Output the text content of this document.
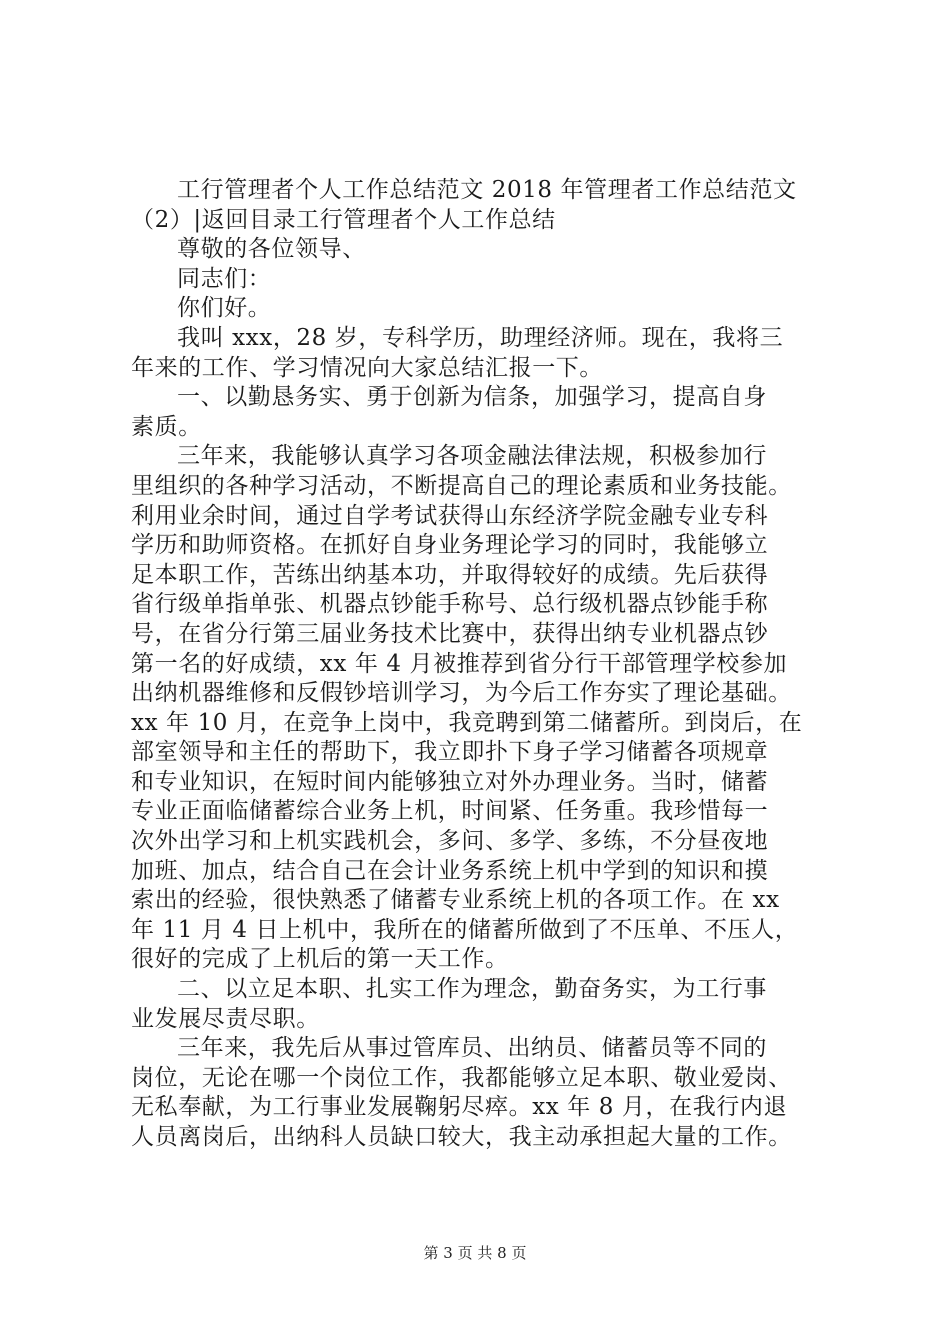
工行管理者个人工作总结范文 2018 年管理者工作总结范文
（2）|返回目录工行管理者个人工作总结
尊敬的各位领导、
同志们：
你们好。
我叫 xxx，28 岁，专科学历，助理经济师。现在，我将三
年来的工作、学习情况向大家总结汇报一下。
一、以勤恳务实、勇于创新为信条，加强学习，提高自身
素质。
三年来，我能够认真学习各项金融法律法规，积极参加行
里组织的各种学习活动，不断提高自己的理论素质和业务技能。
利用业余时间，通过自学考试获得山东经济学院金融专业专科
学历和助师资格。在抓好自身业务理论学习的同时，我能够立
足本职工作，苦练出纳基本功，并取得较好的成绩。先后获得
省行级单指单张、机器点钞能手称号、总行级机器点钞能手称
号，在省分行第三届业务技术比赛中，获得出纳专业机器点钞
第一名的好成绩，xx 年 4 月被推荐到省分行干部管理学校参加
出纳机器维修和反假钞培训学习，为今后工作夯实了理论基础。
xx 年 10 月，在竞争上岗中，我竞聘到第二储蓄所。到岗后，在
部室领导和主任的帮助下，我立即扑下身子学习储蓄各项规章
和专业知识，在短时间内能够独立对外办理业务。当时，储蓄
专业正面临储蓄综合业务上机，时间紧、任务重。我珍惜每一
次外出学习和上机实践机会，多问、多学、多练，不分昼夜地
加班、加点，结合自己在会计业务系统上机中学到的知识和摸
索出的经验，很快熟悉了储蓄专业系统上机的各项工作。在 xx
年 11 月 4 日上机中，我所在的储蓄所做到了不压单、不压人，
很好的完成了上机后的第一天工作。
二、以立足本职、扎实工作为理念，勤奋务实，为工行事
业发展尽责尽职。
三年来，我先后从事过管库员、出纳员、储蓄员等不同的
岗位，无论在哪一个岗位工作，我都能够立足本职、敬业爱岗、
无私奉献，为工行事业发展鞠躬尽瘁。xx 年 8 月，在我行内退
人员离岗后，出纳科人员缺口较大，我主动承担起大量的工作。
第 3 页 共 8 页
